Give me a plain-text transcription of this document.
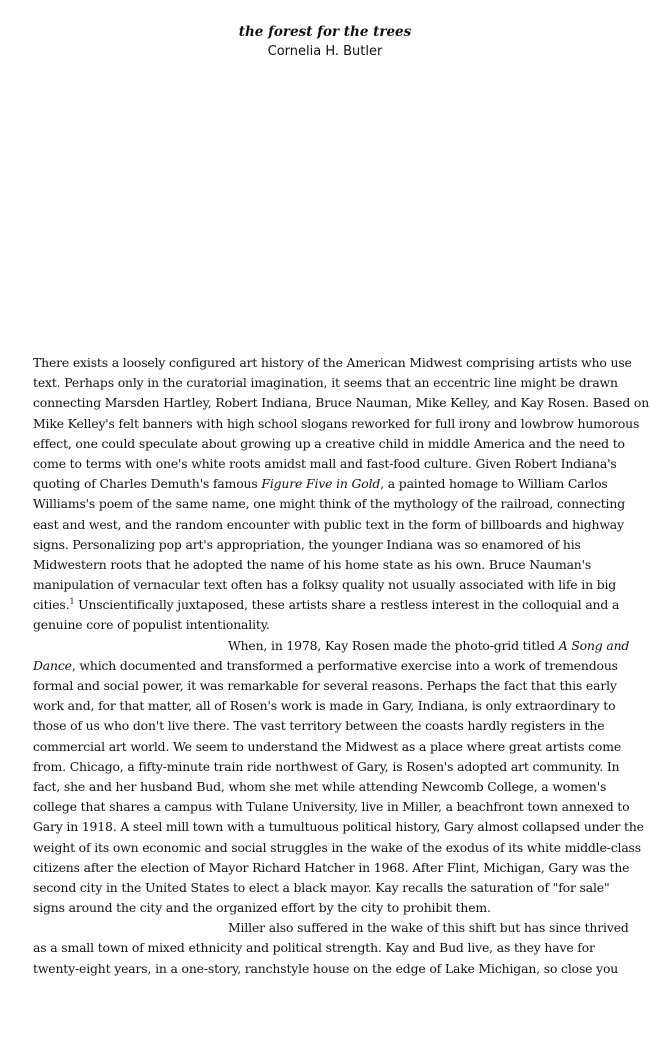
the forest for the trees
Cornelia H. Butler
There exists a loosely configured art history of the American Midwest comprising artists who use
text. Perhaps only in the curatorial imagination, it seems that an eccentric line might be drawn
connecting Marsden Hartley, Robert Indiana, Bruce Nauman, Mike Kelley, and Kay Rosen. Based on
Mike Kelley's felt banners with high school slogans reworked for full irony and lowbrow humorous
effect, one could speculate about growing up a creative child in middle America and the need to
come to terms with one's white roots amidst mall and fast-food culture. Given Robert Indiana's
quoting of Charles Demuth's famous Figure Five in Gold, a painted homage to William Carlos
Williams's poem of the same name, one might think of the mythology of the railroad, connecting
east and west, and the random encounter with public text in the form of billboards and highway
signs. Personalizing pop art's appropriation, the younger Indiana was so enamored of his
Midwestern roots that he adopted the name of his home state as his own. Bruce Nauman's
manipulation of vernacular text often has a folksy quality not usually associated with life in big
cities.$^1$ Unscientifically juxtaposed, these artists share a restless interest in the colloquial and a
genuine core of populist intentionality.
When, in 1978, Kay Rosen made the photo-grid titled A Song and
Dance, which documented and transformed a performative exercise into a work of tremendous
formal and social power, it was remarkable for several reasons. Perhaps the fact that this early
work and, for that matter, all of Rosen's work is made in Gary, Indiana, is only extraordinary to
those of us who don't live there. The vast territory between the coasts hardly registers in the
commercial art world. We seem to understand the Midwest as a place where great artists come
from. Chicago, a fifty-minute train ride northwest of Gary, is Rosen's adopted art community. In
fact, she and her husband Bud, whom she met while attending Newcomb College, a women's
college that shares a campus with Tulane University, live in Miller, a beachfront town annexed to
Gary in 1918. A steel mill town with a tumultuous political history, Gary almost collapsed under the
weight of its own economic and social struggles in the wake of the exodus of its white middle-class
citizens after the election of Mayor Richard Hatcher in 1968. After Flint, Michigan, Gary was the
second city in the United States to elect a black mayor. Kay recalls the saturation of "for sale"
signs around the city and the organized effort by the city to prohibit them.
Miller also suffered in the wake of this shift but has since thrived
as a small town of mixed ethnicity and political strength. Kay and Bud live, as they have for
twenty-eight years, in a one-story, ranchstyle house on the edge of Lake Michigan, so close you
